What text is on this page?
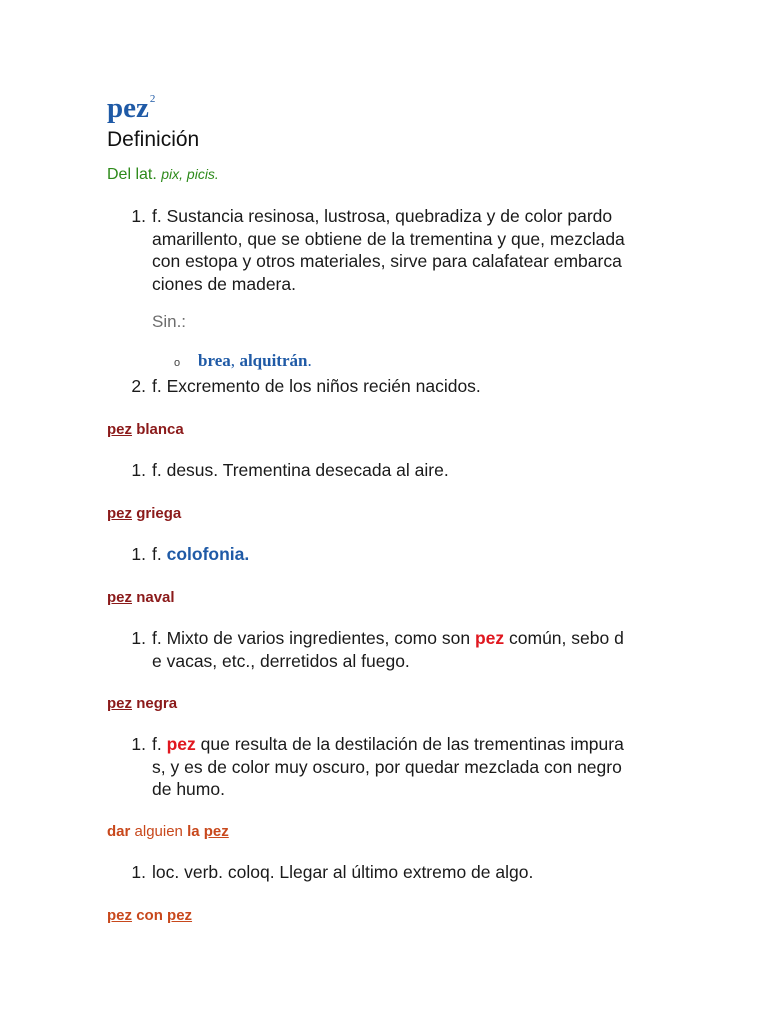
pez$^2$
Definición
Del lat. pix, picis.
1. f. Sustancia resinosa, lustrosa, quebradiza y de color pardo
amarillento, que se obtiene de la trementina y que, mezclada
con estopa y otros materiales, sirve para calafatear embarca
ciones de madera.
Sin.:
o brea, alquitrán.
2. f. Excremento de los niños recién nacidos.
pez blanca
1. f. desus. Trementina desecada al aire.
pez griega
1. f. colofonia.
pez naval
1. f. Mixto de varios ingredientes, como son pez común, sebo d
e vacas, etc., derretidos al fuego.
pez negra
1. f. pez que resulta de la destilación de las trementinas impura
s, y es de color muy oscuro, por quedar mezclada con negro
de humo.
dar alguien la pez
1. loc. verb. coloq. Llegar al último extremo de algo.
pez con pez
